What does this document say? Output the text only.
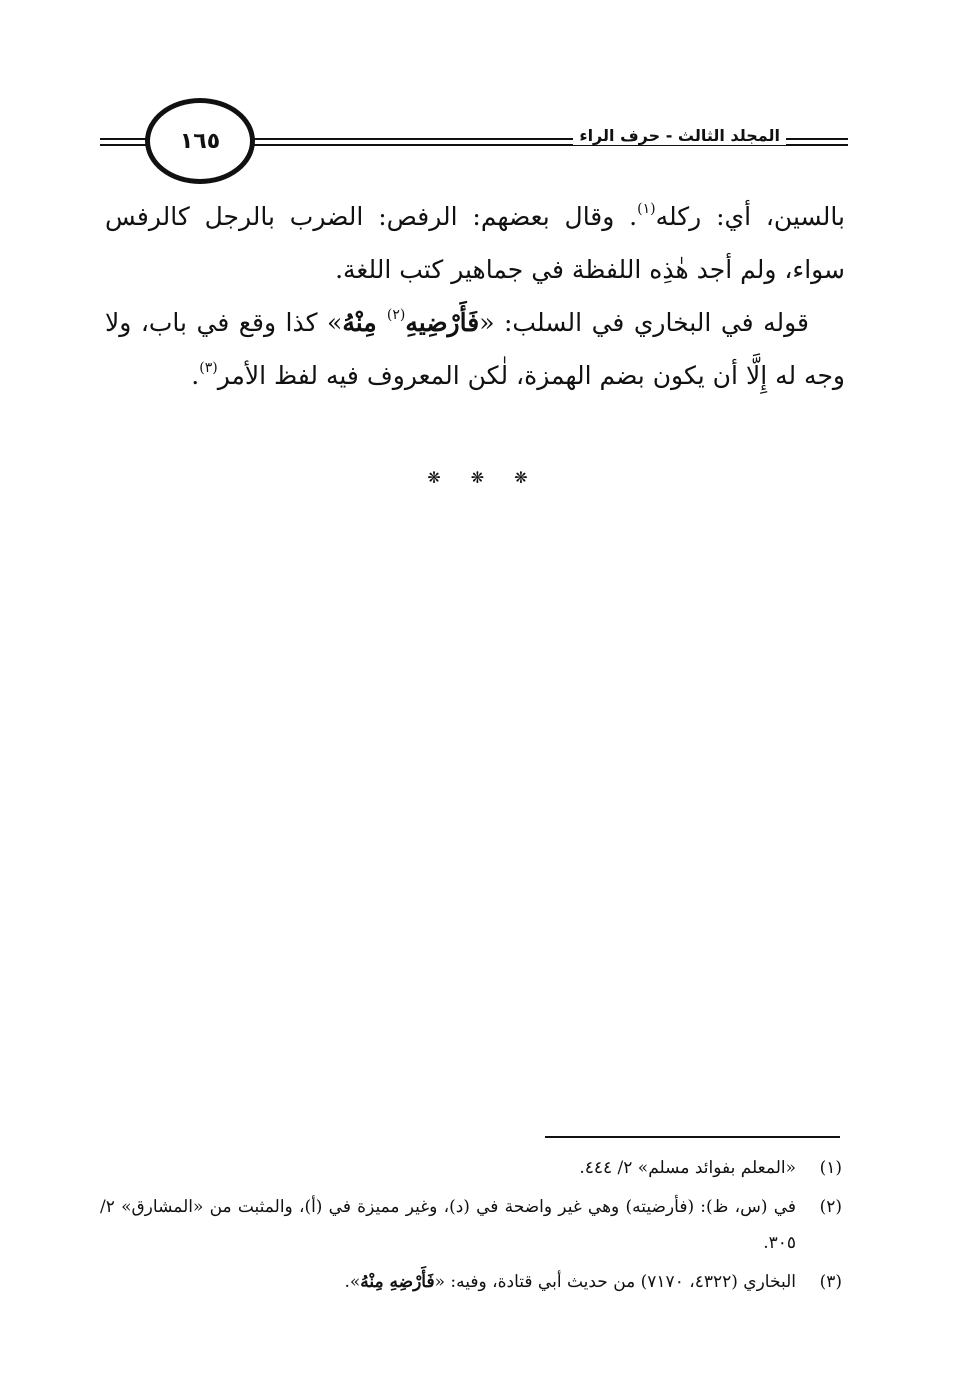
١٦٥	المجلد الثالث - حرف الراء

بالسين، أي: ركله$^{(١)}$. وقال بعضهم: الرفص: الضرب بالرجل كالرفس سواء، ولم أجد هٰذِه اللفظة في جماهير كتب اللغة.

قوله في البخاري في السلب: «فَأَرْضِيهِ$^{(٢)}$ مِنْهُ» كذا وقع في باب، ولا وجه له إِلَّا أن يكون بضم الهمزة، لٰكن المعروف فيه لفظ الأمر$^{(٣)}$.

❋ ❋ ❋
(١)
«المعلم بفوائد مسلم» ٢/ ٤٤٤.
(٢)
في (س، ظ): (فأرضيته) وهي غير واضحة في (د)، وغير مميزة في (أ)، والمثبت من «المشارق» ٢/ ٣٠٥.
(٣)
البخاري (٤٣٢٢، ٧١٧٠) من حديث أبي قتادة، وفيه: «فَأَرْضِهِ مِنْهُ».
